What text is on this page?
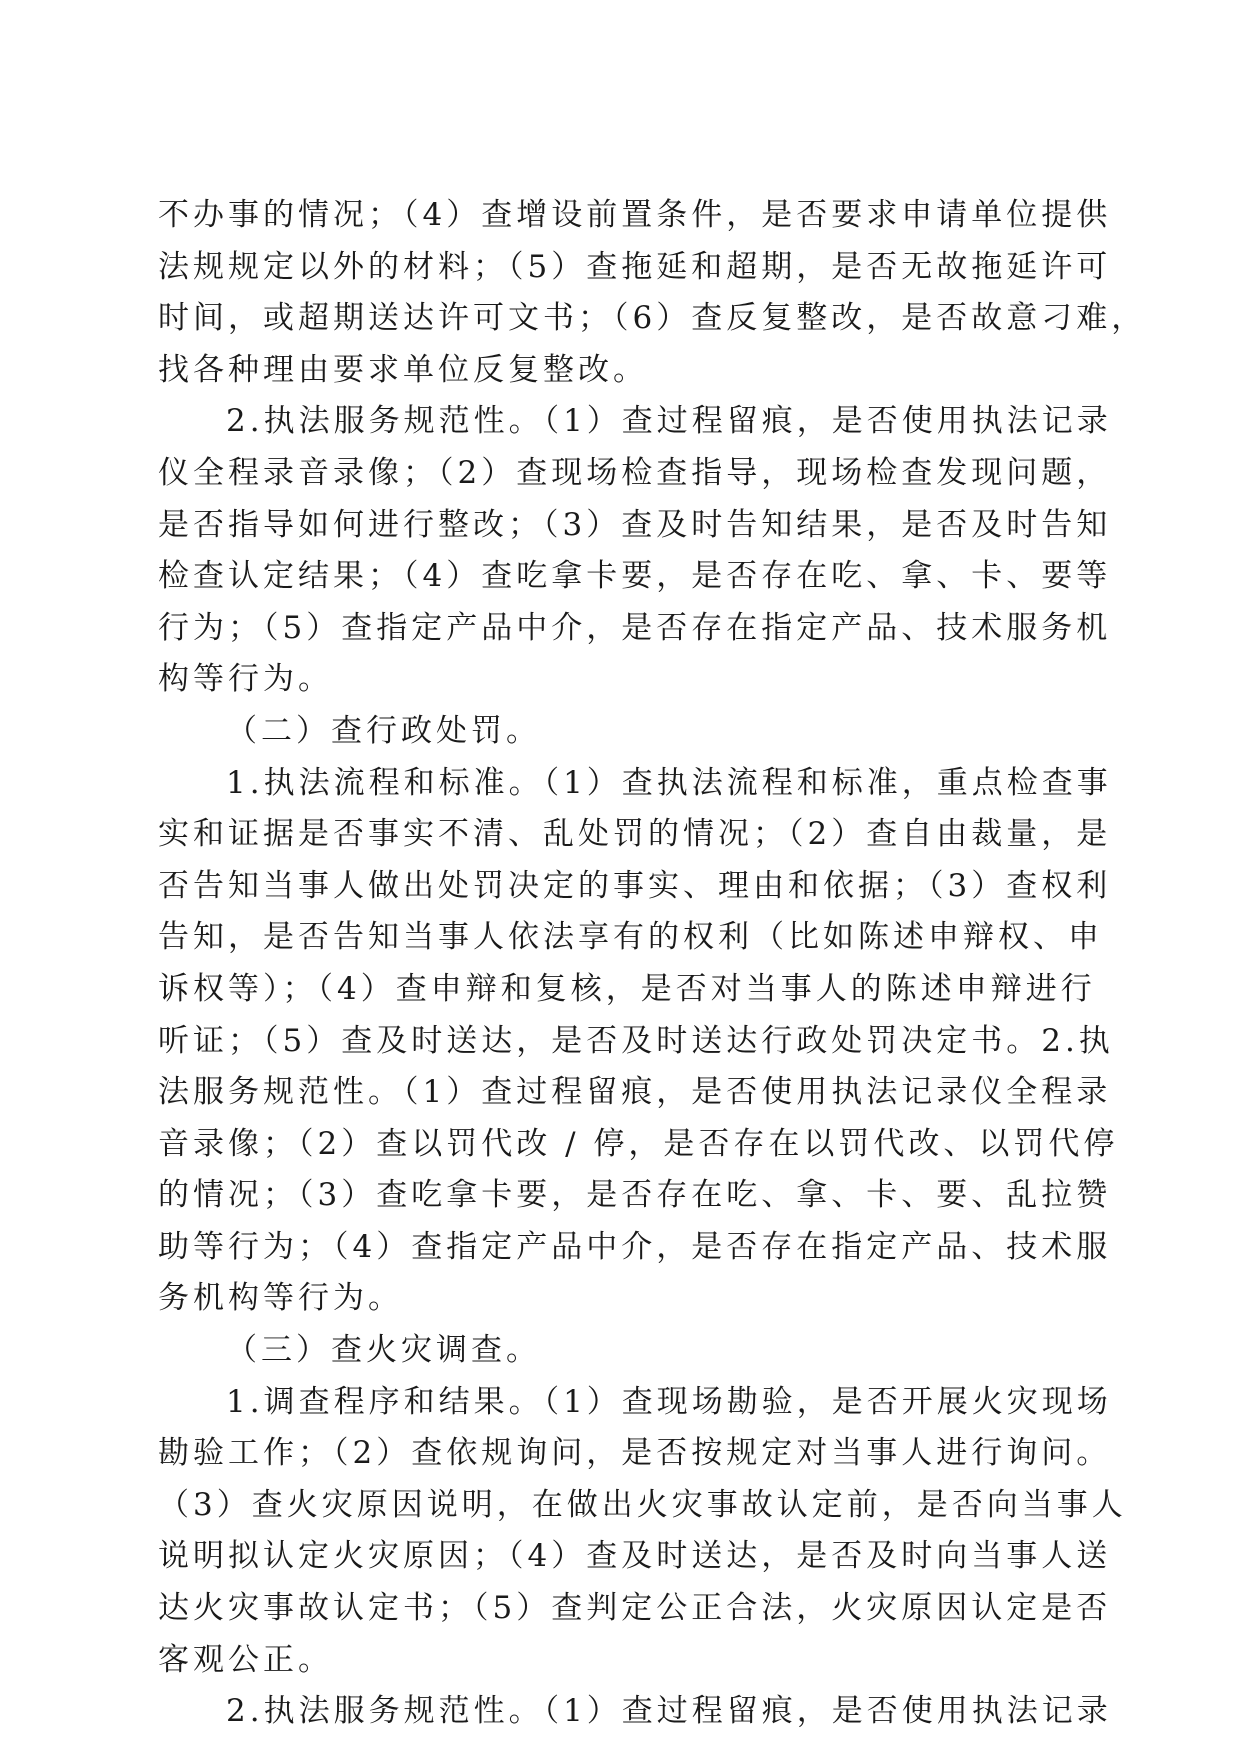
不办事的情况；（4）查增设前置条件，是否要求申请单位提供
法规规定以外的材料；（5）查拖延和超期，是否无故拖延许可
时间，或超期送达许可文书；（6）查反复整改，是否故意刁难，
找各种理由要求单位反复整改。
2.执法服务规范性。（1）查过程留痕，是否使用执法记录
仪全程录音录像；（2）查现场检查指导，现场检查发现问题，
是否指导如何进行整改；（3）查及时告知结果，是否及时告知
检查认定结果；（4）查吃拿卡要，是否存在吃、拿、卡、要等
行为；（5）查指定产品中介，是否存在指定产品、技术服务机
构等行为。
（二）查行政处罚。
1.执法流程和标准。（1）查执法流程和标准，重点检查事
实和证据是否事实不清、乱处罚的情况；（2）查自由裁量，是
否告知当事人做出处罚决定的事实、理由和依据；（3）查权利
告知，是否告知当事人依法享有的权利（比如陈述申辩权、申
诉权等）；（4）查申辩和复核，是否对当事人的陈述申辩进行
听证；（5）查及时送达，是否及时送达行政处罚决定书。2.执
法服务规范性。（1）查过程留痕，是否使用执法记录仪全程录
音录像；（2）查以罚代改 / 停，是否存在以罚代改、以罚代停
的情况；（3）查吃拿卡要，是否存在吃、拿、卡、要、乱拉赞
助等行为；（4）查指定产品中介，是否存在指定产品、技术服
务机构等行为。
（三）查火灾调查。
1.调查程序和结果。（1）查现场勘验，是否开展火灾现场
勘验工作；（2）查依规询问，是否按规定对当事人进行询问。
（3）查火灾原因说明，在做出火灾事故认定前，是否向当事人
说明拟认定火灾原因；（4）查及时送达，是否及时向当事人送
达火灾事故认定书；（5）查判定公正合法，火灾原因认定是否
客观公正。
2.执法服务规范性。（1）查过程留痕，是否使用执法记录
